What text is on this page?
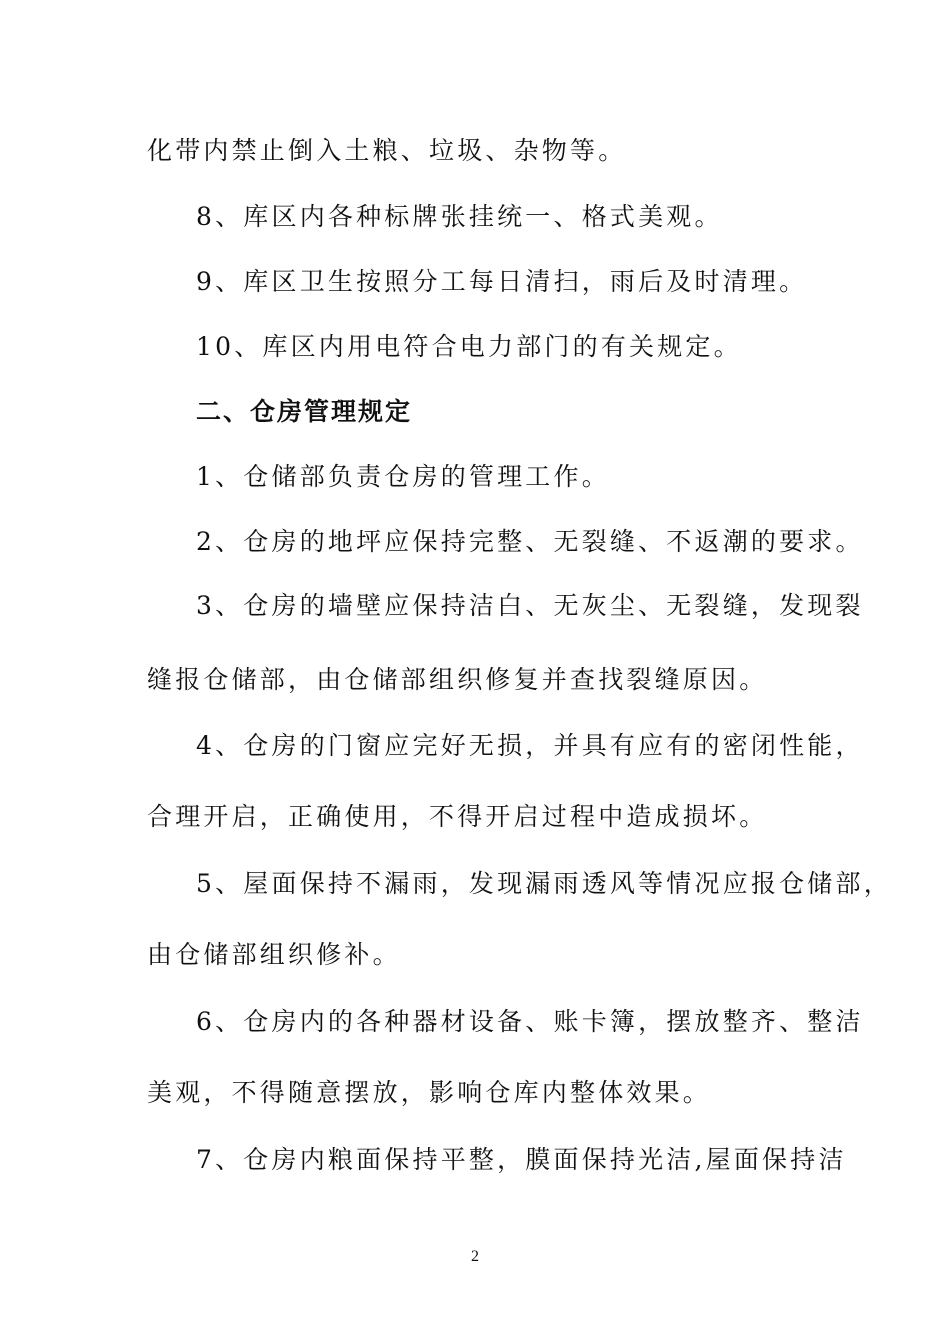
化带内禁止倒入土粮、垃圾、杂物等。
8、库区内各种标牌张挂统一、格式美观。
9、库区卫生按照分工每日清扫，雨后及时清理。
10、库区内用电符合电力部门的有关规定。
二、仓房管理规定
1、仓储部负责仓房的管理工作。
2、仓房的地坪应保持完整、无裂缝、不返潮的要求。
3、仓房的墙壁应保持洁白、无灰尘、无裂缝，发现裂
缝报仓储部，由仓储部组织修复并查找裂缝原因。
4、仓房的门窗应完好无损，并具有应有的密闭性能，
合理开启，正确使用，不得开启过程中造成损坏。
5、屋面保持不漏雨，发现漏雨透风等情况应报仓储部，
由仓储部组织修补。
6、仓房内的各种器材设备、账卡簿，摆放整齐、整洁
美观，不得随意摆放，影响仓库内整体效果。
7、仓房内粮面保持平整，膜面保持光洁,屋面保持洁
2
